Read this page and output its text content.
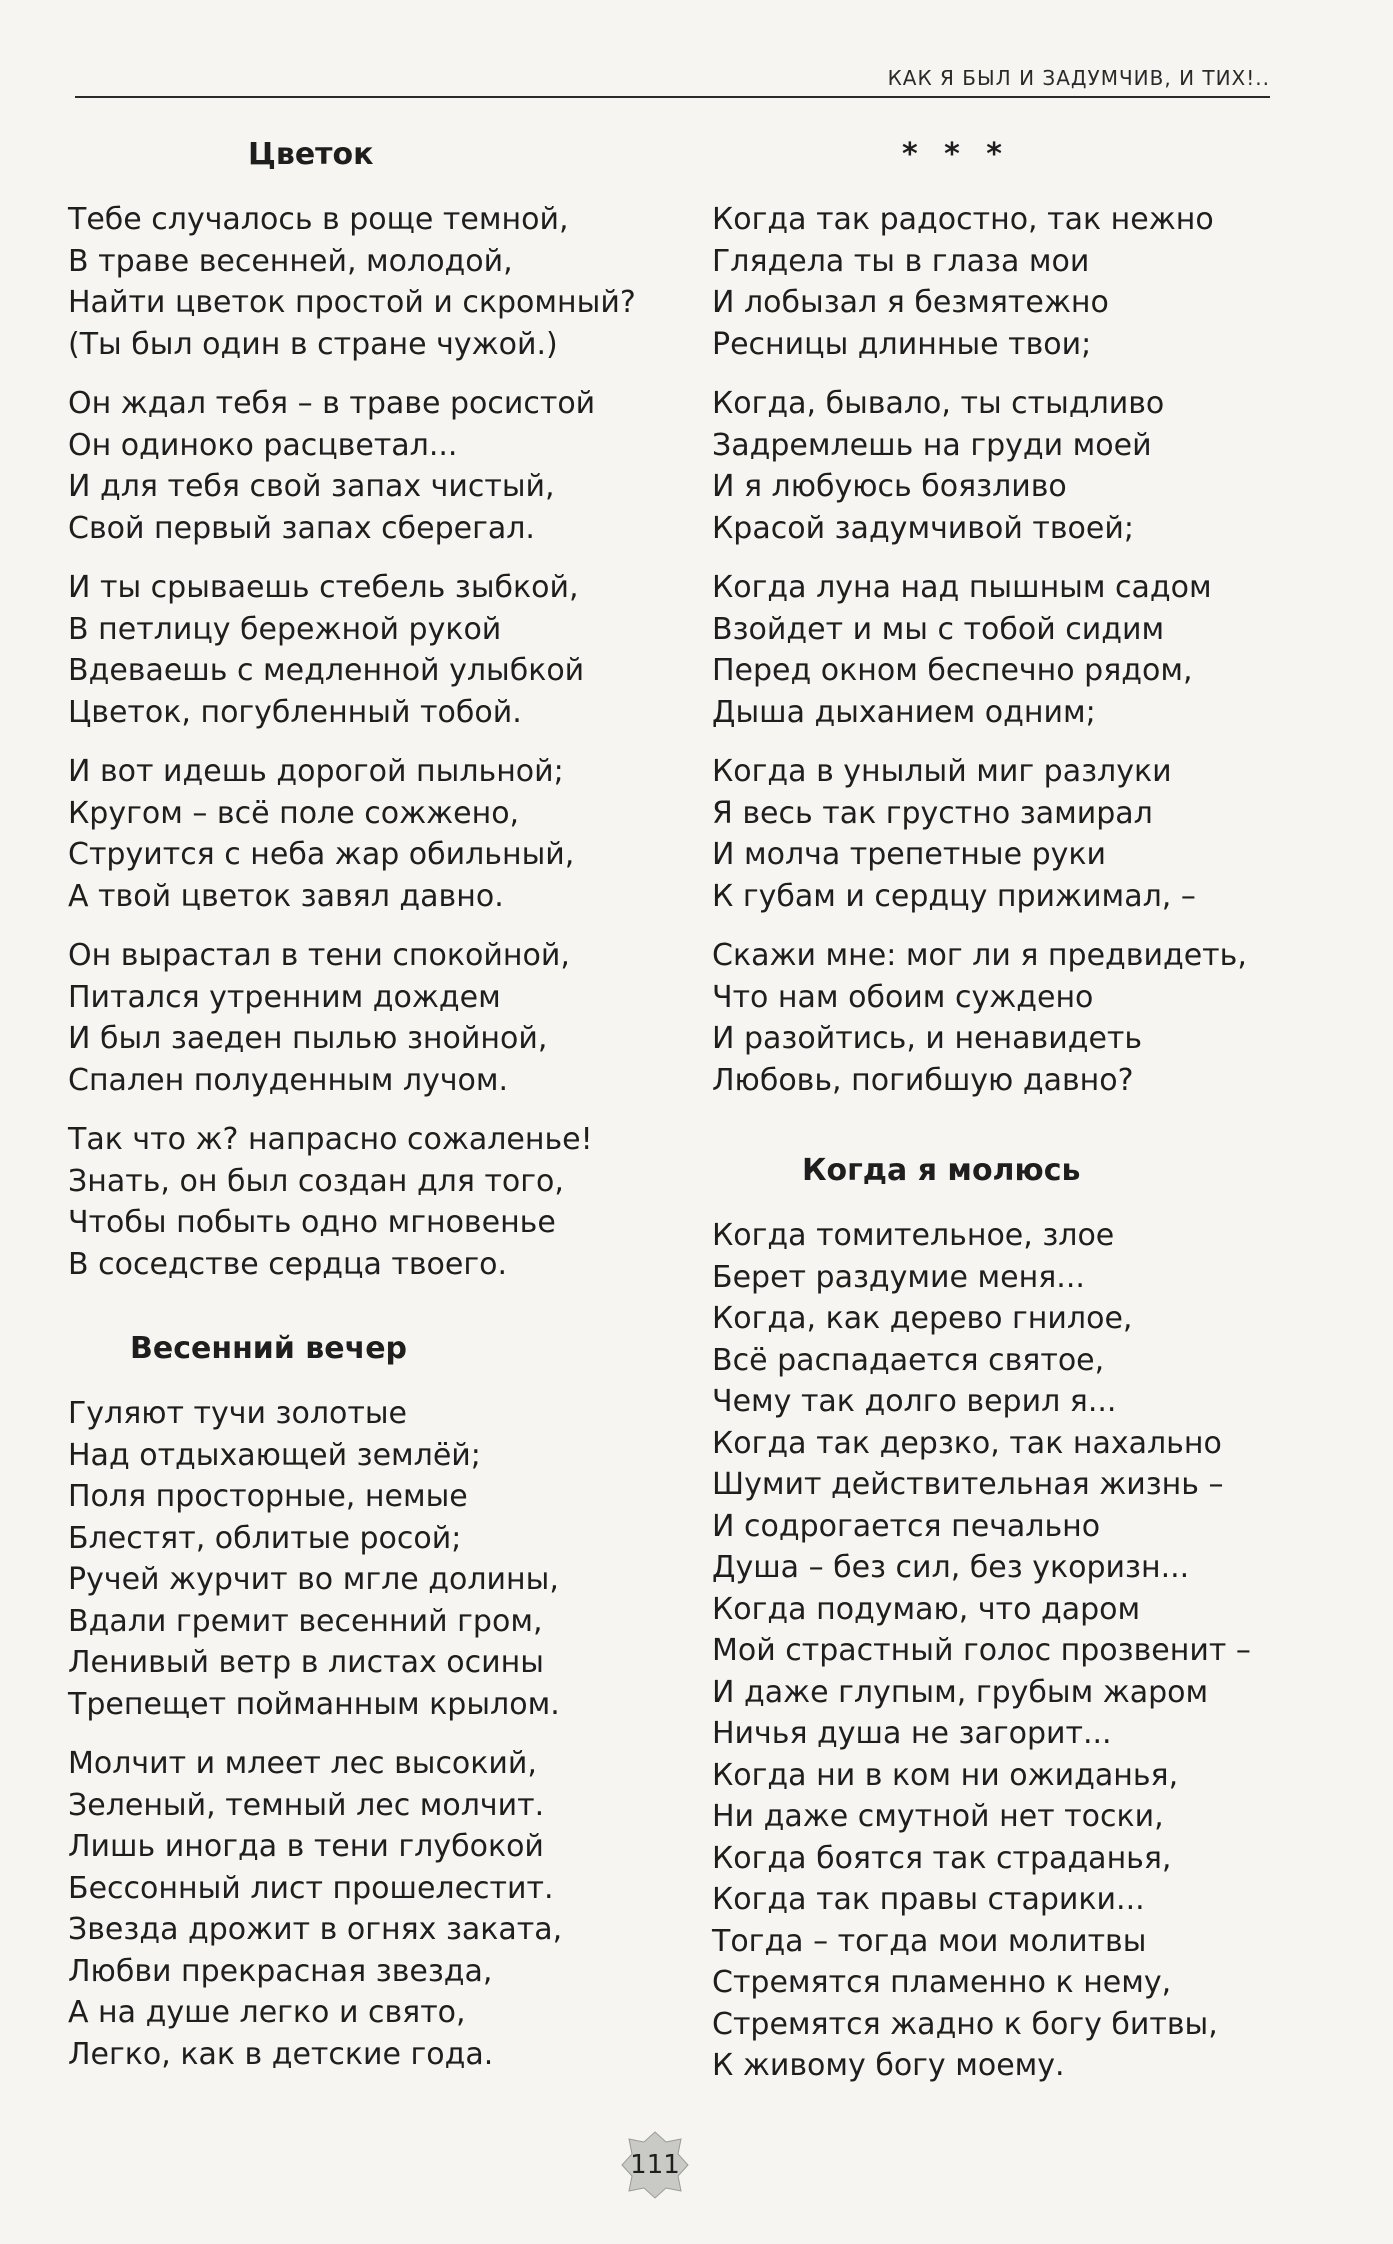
КАК Я БЫЛ И ЗАДУМЧИВ, И ТИХ!..
Цветок
Тебе случалось в роще темной,
В траве весенней, молодой,
Найти цветок простой и скромный?
(Ты был один в стране чужой.)
Он ждал тебя – в траве росистой
Он одиноко расцветал...
И для тебя свой запах чистый,
Свой первый запах сберегал.
И ты срываешь стебель зыбкой,
В петлицу бережной рукой
Вдеваешь с медленной улыбкой
Цветок, погубленный тобой.
И вот идешь дорогой пыльной;
Кругом – всё поле сожжено,
Струится с неба жар обильный,
А твой цветок завял давно.
Он вырастал в тени спокойной,
Питался утренним дождем
И был заеден пылью знойной,
Спален полуденным лучом.
Так что ж? напрасно сожаленье!
Знать, он был создан для того,
Чтобы побыть одно мгновенье
В соседстве сердца твоего.
Весенний вечер
Гуляют тучи золотые
Над отдыхающей землёй;
Поля просторные, немые
Блестят, облитые росой;
Ручей журчит во мгле долины,
Вдали гремит весенний гром,
Ленивый ветр в листах осины
Трепещет пойманным крылом.
Молчит и млеет лес высокий,
Зеленый, темный лес молчит.
Лишь иногда в тени глубокой
Бессонный лист прошелестит.
Звезда дрожит в огнях заката,
Любви прекрасная звезда,
А на душе легко и свято,
Легко, как в детские года.
* * *
Когда так радостно, так нежно
Глядела ты в глаза мои
И лобызал я безмятежно
Ресницы длинные твои;
Когда, бывало, ты стыдливо
Задремлешь на груди моей
И я любуюсь боязливо
Красой задумчивой твоей;
Когда луна над пышным садом
Взойдет и мы с тобой сидим
Перед окном беспечно рядом,
Дыша дыханием одним;
Когда в унылый миг разлуки
Я весь так грустно замирал
И молча трепетные руки
К губам и сердцу прижимал, –
Скажи мне: мог ли я предвидеть,
Что нам обоим суждено
И разойтись, и ненавидеть
Любовь, погибшую давно?
Когда я молюсь
Когда томительное, злое
Берет раздумие меня...
Когда, как дерево гнилое,
Всё распадается святое,
Чему так долго верил я...
Когда так дерзко, так нахально
Шумит действительная жизнь –
И содрогается печально
Душа – без сил, без укоризн...
Когда подумаю, что даром
Мой страстный голос прозвенит –
И даже глупым, грубым жаром
Ничья душа не загорит...
Когда ни в ком ни ожиданья,
Ни даже смутной нет тоски,
Когда боятся так страданья,
Когда так правы старики...
Тогда – тогда мои молитвы
Стремятся пламенно к нему,
Стремятся жадно к богу битвы,
К живому богу моему.
111
